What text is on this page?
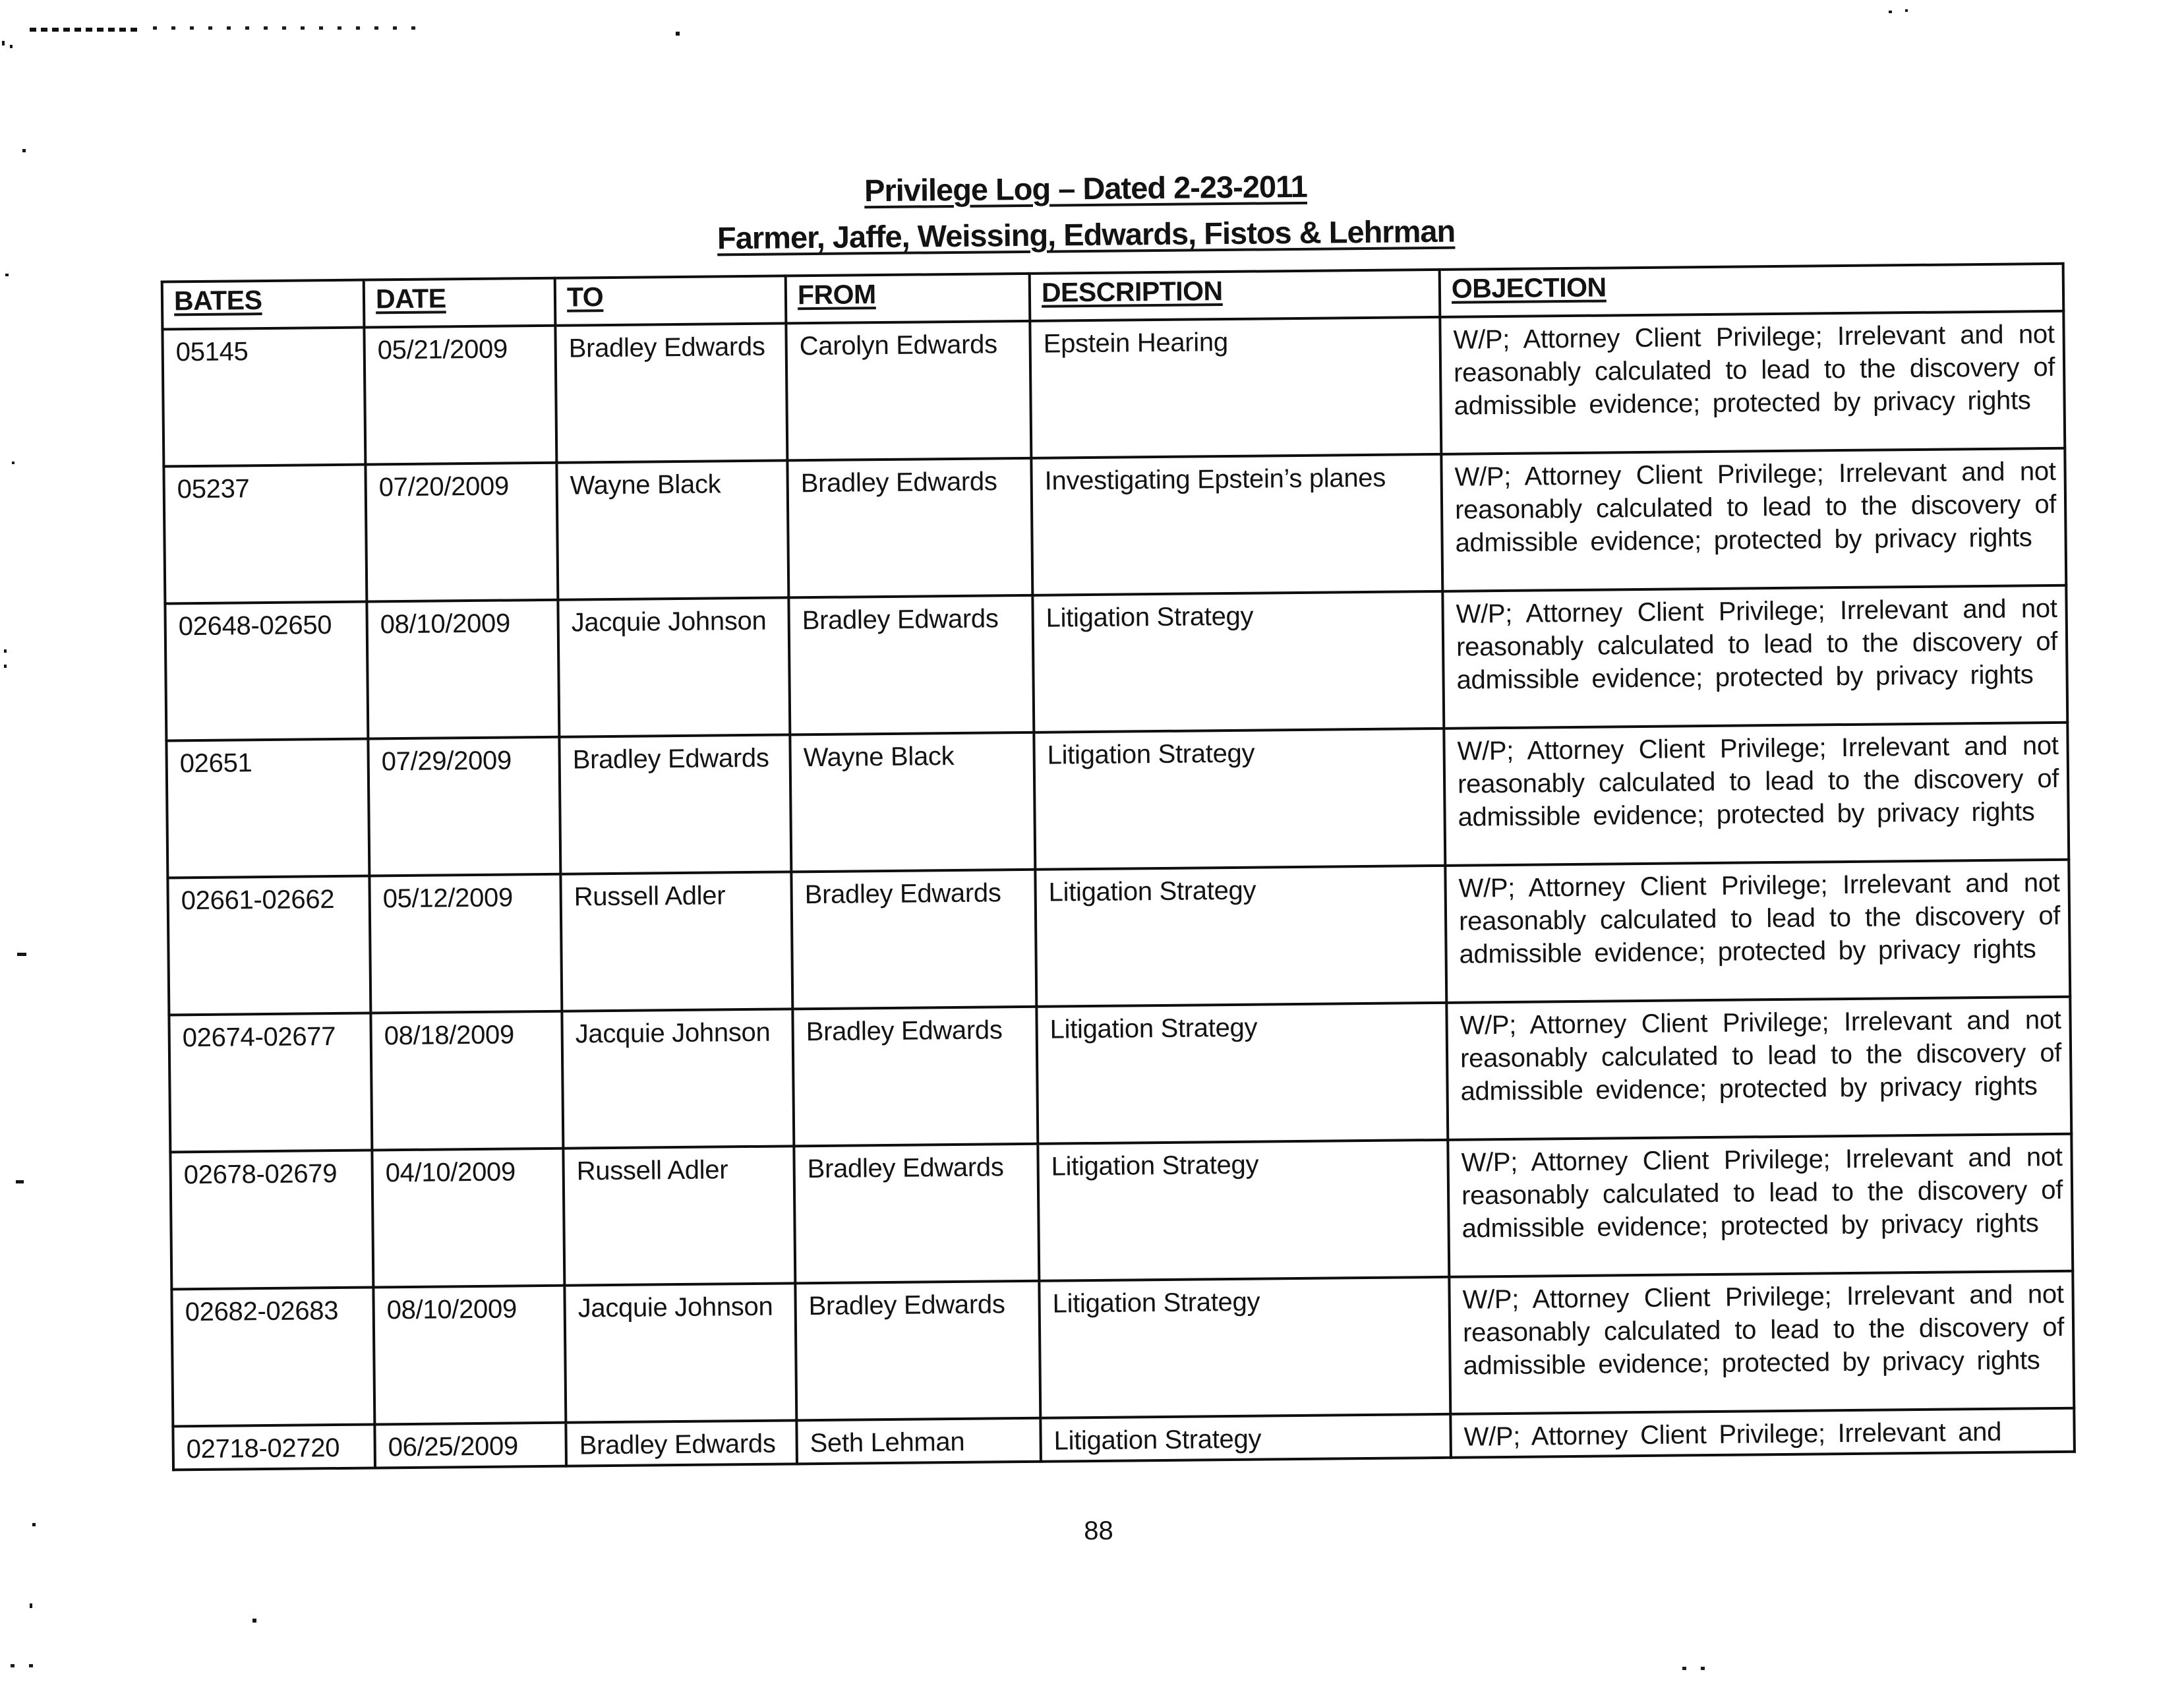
Privilege Log – Dated 2-23-2011
Farmer, Jaffe, Weissing, Edwards, Fistos & Lehrman
BATES	DATE	TO	FROM	DESCRIPTION	OBJECTION
05145	05/21/2009	Bradley Edwards	Carolyn Edwards	Epstein Hearing	W/P; Attorney Client Privilege; Irrelevant and not reasonably calculated to lead to the discovery of admissible evidence; protected by privacy rights
05237	07/20/2009	Wayne Black	Bradley Edwards	Investigating Epstein’s planes	W/P; Attorney Client Privilege; Irrelevant and not reasonably calculated to lead to the discovery of admissible evidence; protected by privacy rights
02648-02650	08/10/2009	Jacquie Johnson	Bradley Edwards	Litigation Strategy	W/P; Attorney Client Privilege; Irrelevant and not reasonably calculated to lead to the discovery of admissible evidence; protected by privacy rights
02651	07/29/2009	Bradley Edwards	Wayne Black	Litigation Strategy	W/P; Attorney Client Privilege; Irrelevant and not reasonably calculated to lead to the discovery of admissible evidence; protected by privacy rights
02661-02662	05/12/2009	Russell Adler	Bradley Edwards	Litigation Strategy	W/P; Attorney Client Privilege; Irrelevant and not reasonably calculated to lead to the discovery of admissible evidence; protected by privacy rights
02674-02677	08/18/2009	Jacquie Johnson	Bradley Edwards	Litigation Strategy	W/P; Attorney Client Privilege; Irrelevant and not reasonably calculated to lead to the discovery of admissible evidence; protected by privacy rights
02678-02679	04/10/2009	Russell Adler	Bradley Edwards	Litigation Strategy	W/P; Attorney Client Privilege; Irrelevant and not reasonably calculated to lead to the discovery of admissible evidence; protected by privacy rights
02682-02683	08/10/2009	Jacquie Johnson	Bradley Edwards	Litigation Strategy	W/P; Attorney Client Privilege; Irrelevant and not reasonably calculated to lead to the discovery of admissible evidence; protected by privacy rights
02718-02720	06/25/2009	Bradley Edwards	Seth Lehman	Litigation Strategy	W/P; Attorney Client Privilege; Irrelevant and
88
